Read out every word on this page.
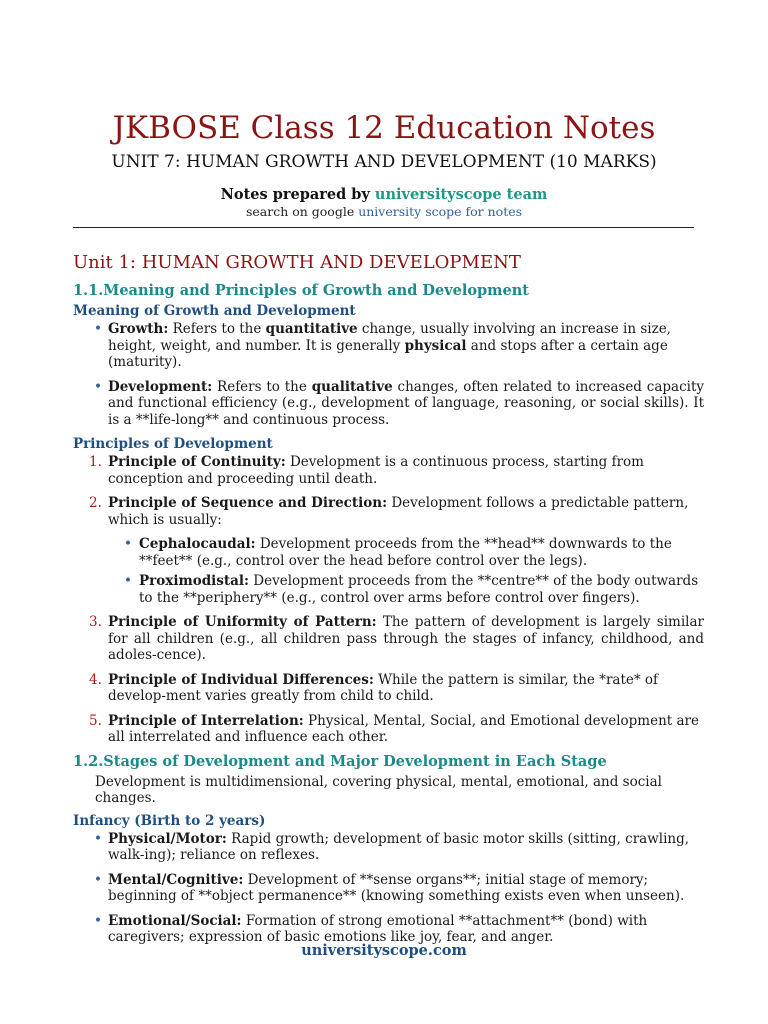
JKBOSE Class 12 Education Notes
UNIT 7: HUMAN GROWTH AND DEVELOPMENT (10 MARKS)
Notes prepared by universityscope team
search on google university scope for notes
Unit 1: HUMAN GROWTH AND DEVELOPMENT
1.1.Meaning and Principles of Growth and Development
Meaning of Growth and Development
• Growth: Refers to the quantitative change, usually involving an increase in size, height, weight, and number. It is generally physical and stops after a certain age (maturity).
• Development: Refers to the qualitative changes, often related to increased capacity and functional efficiency (e.g., development of language, reasoning, or social skills). It is a **life-long** and continuous process.
Principles of Development
1. Principle of Continuity: Development is a continuous process, starting from conception and proceeding until death.
2. Principle of Sequence and Direction: Development follows a predictable pattern, which is usually:
• Cephalocaudal: Development proceeds from the **head** downwards to the **feet** (e.g., control over the head before control over the legs).
• Proximodistal: Development proceeds from the **centre** of the body outwards to the **periphery** (e.g., control over arms before control over fingers).
3. Principle of Uniformity of Pattern: The pattern of development is largely similar for all children (e.g., all children pass through the stages of infancy, childhood, and adoles-cence).
4. Principle of Individual Differences: While the pattern is similar, the *rate* of develop-ment varies greatly from child to child.
5. Principle of Interrelation: Physical, Mental, Social, and Emotional development are all interrelated and influence each other.
1.2.Stages of Development and Major Development in Each Stage

Development is multidimensional, covering physical, mental, emotional, and social changes.

Infancy (Birth to 2 years)
• Physical/Motor: Rapid growth; development of basic motor skills (sitting, crawling, walk-ing); reliance on reflexes.
• Mental/Cognitive: Development of **sense organs**; initial stage of memory; beginning of **object permanence** (knowing something exists even when unseen).
• Emotional/Social: Formation of strong emotional **attachment** (bond) with caregivers; expression of basic emotions like joy, fear, and anger.
universityscope.com
